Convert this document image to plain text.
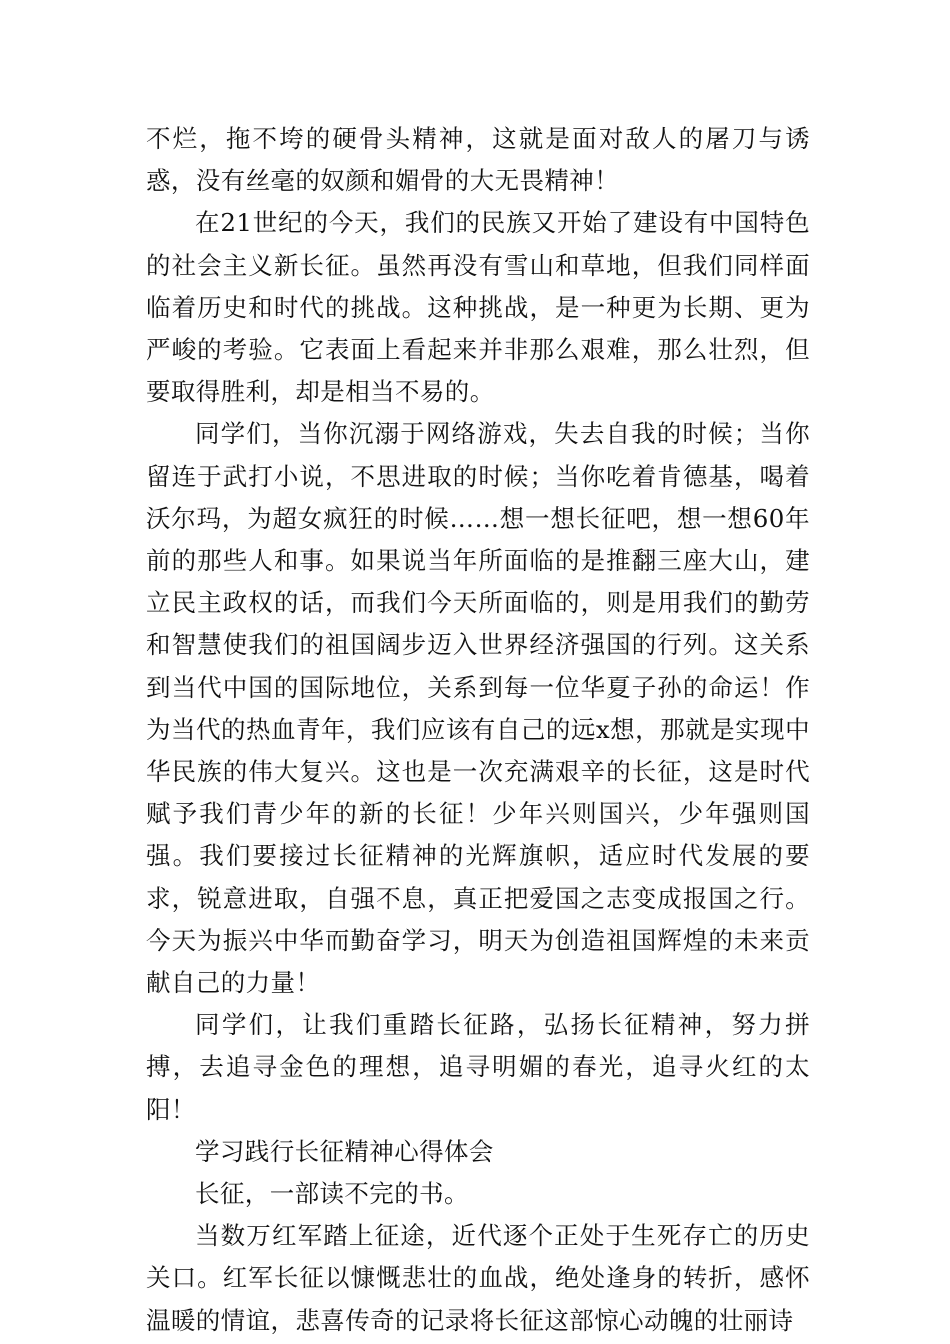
不烂，拖不垮的硬骨头精神，这就是面对敌人的屠刀与诱惑，没有丝毫的奴颜和媚骨的大无畏精神！

在21世纪的今天，我们的民族又开始了建设有中国特色的社会主义新长征。虽然再没有雪山和草地，但我们同样面临着历史和时代的挑战。这种挑战，是一种更为长期、更为严峻的考验。它表面上看起来并非那么艰难，那么壮烈，但要取得胜利，却是相当不易的。

同学们，当你沉溺于网络游戏，失去自我的时候；当你留连于武打小说，不思进取的时候；当你吃着肯德基，喝着沃尔玛，为超女疯狂的时候……想一想长征吧，想一想60年前的那些人和事。如果说当年所面临的是推翻三座大山，建立民主政权的话，而我们今天所面临的，则是用我们的勤劳和智慧使我们的祖国阔步迈入世界经济强国的行列。这关系到当代中国的国际地位，关系到每一位华夏子孙的命运！作为当代的热血青年，我们应该有自己的远x想，那就是实现中华民族的伟大复兴。这也是一次充满艰辛的长征，这是时代赋予我们青少年的新的长征！少年兴则国兴，少年强则国强。我们要接过长征精神的光辉旗帜，适应时代发展的要求，锐意进取，自强不息，真正把爱国之志变成报国之行。今天为振兴中华而勤奋学习，明天为创造祖国辉煌的未来贡献自己的力量！

同学们，让我们重踏长征路，弘扬长征精神，努力拼搏，去追寻金色的理想，追寻明媚的春光，追寻火红的太阳！

学习践行长征精神心得体会

长征，一部读不完的书。

当数万红军踏上征途，近代逐个正处于生死存亡的历史关口。红军长征以慷慨悲壮的血战，绝处逢身的转折，感怀温暖的情谊，悲喜传奇的记录将长征这部惊心动魄的壮丽诗
